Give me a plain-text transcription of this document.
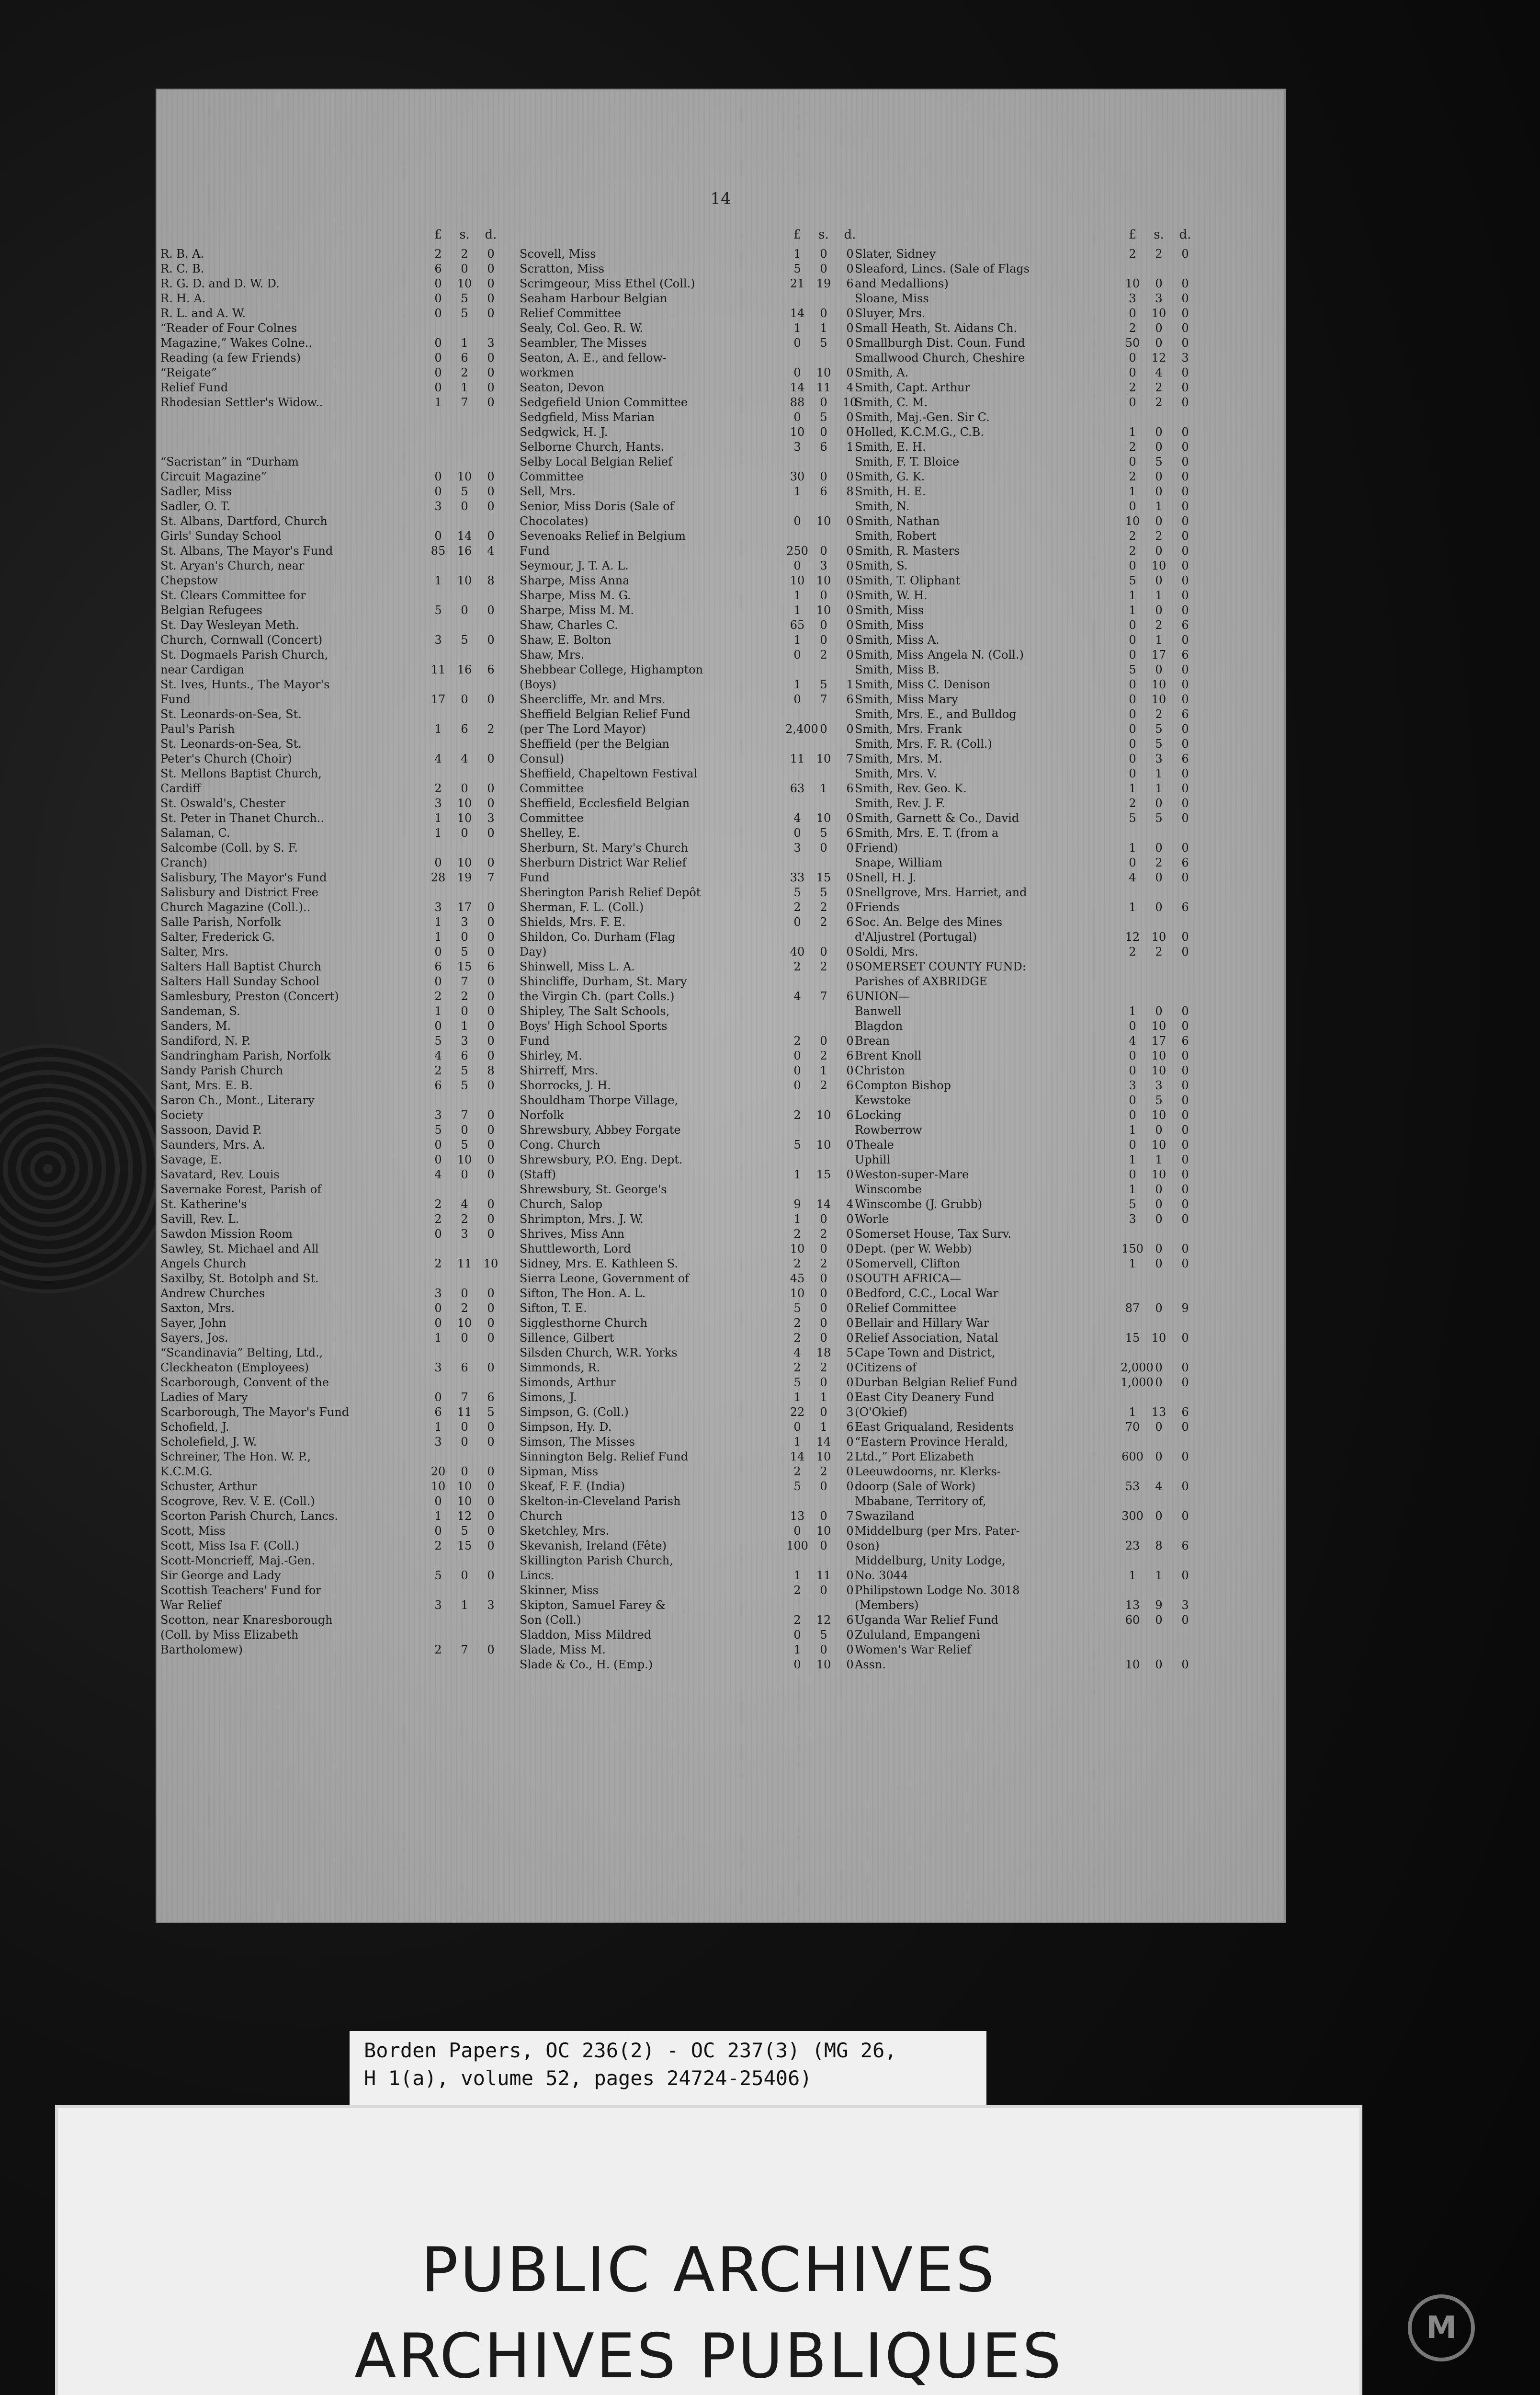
14
£	s.	d.
R. B. A.	2	2	0
R. C. B.	6	0	0
R. G. D. and D. W. D.	0	10	0
R. H. A.	0	5	0
R. L. and A. W.	0	5	0
“Reader of Four Colnes
Magazine,” Wakes Colne..	0	1	3
Reading (a few Friends)	0	6	0
“Reigate”	0	2	0
Relief Fund	0	1	0
Rhodesian Settler's Widow..	1	7	0
“Sacristan” in “Durham
Circuit Magazine”	0	10	0
Sadler, Miss	0	5	0
Sadler, O. T.	3	0	0
St. Albans, Dartford, Church
Girls' Sunday School	0	14	0
St. Albans, The Mayor's Fund	85	16	4
St. Aryan's Church, near
Chepstow	1	10	8
St. Clears Committee for
Belgian Refugees	5	0	0
St. Day Wesleyan Meth.
Church, Cornwall (Concert)	3	5	0
St. Dogmaels Parish Church,
near Cardigan	11	16	6
St. Ives, Hunts., The Mayor's
Fund	17	0	0
St. Leonards-on-Sea, St.
Paul's Parish	1	6	2
St. Leonards-on-Sea, St.
Peter's Church (Choir)	4	4	0
St. Mellons Baptist Church,
Cardiff	2	0	0
St. Oswald's, Chester	3	10	0
St. Peter in Thanet Church..	1	10	3
Salaman, C.	1	0	0
Salcombe (Coll. by S. F.
Cranch)	0	10	0
Salisbury, The Mayor's Fund	28	19	7
Salisbury and District Free
Church Magazine (Coll.)..	3	17	0
Salle Parish, Norfolk	1	3	0
Salter, Frederick G.	1	0	0
Salter, Mrs.	0	5	0
Salters Hall Baptist Church	6	15	6
Salters Hall Sunday School	0	7	0
Samlesbury, Preston (Concert)	2	2	0
Sandeman, S.	1	0	0
Sanders, M.	0	1	0
Sandiford, N. P.	5	3	0
Sandringham Parish, Norfolk	4	6	0
Sandy Parish Church	2	5	8
Sant, Mrs. E. B.	6	5	0
Saron Ch., Mont., Literary
Society	3	7	0
Sassoon, David P.	5	0	0
Saunders, Mrs. A.	0	5	0
Savage, E.	0	10	0
Savatard, Rev. Louis	4	0	0
Savernake Forest, Parish of
St. Katherine's	2	4	0
Savill, Rev. L.	2	2	0
Sawdon Mission Room	0	3	0
Sawley, St. Michael and All
Angels Church	2	11	10
Saxilby, St. Botolph and St.
Andrew Churches	3	0	0
Saxton, Mrs.	0	2	0
Sayer, John	0	10	0
Sayers, Jos.	1	0	0
“Scandinavia” Belting, Ltd.,
Cleckheaton (Employees)	3	6	0
Scarborough, Convent of the
Ladies of Mary	0	7	6
Scarborough, The Mayor's Fund	6	11	5
Schofield, J.	1	0	0
Scholefield, J. W.	3	0	0
Schreiner, The Hon. W. P.,
K.C.M.G.	20	0	0
Schuster, Arthur	10	10	0
Scogrove, Rev. V. E. (Coll.)	0	10	0
Scorton Parish Church, Lancs.	1	12	0
Scott, Miss	0	5	0
Scott, Miss Isa F. (Coll.)	2	15	0
Scott-Moncrieff, Maj.-Gen.
Sir George and Lady	5	0	0
Scottish Teachers' Fund for
War Relief	3	1	3
Scotton, near Knaresborough
(Coll. by Miss Elizabeth
Bartholomew)	2	7	0
£	s.	d.
Scovell, Miss	1	0	0
Scratton, Miss	5	0	0
Scrimgeour, Miss Ethel (Coll.)	21	19	6
Seaham Harbour Belgian
Relief Committee	14	0	0
Sealy, Col. Geo. R. W.	1	1	0
Seambler, The Misses	0	5	0
Seaton, A. E., and fellow-
workmen	0	10	0
Seaton, Devon	14	11	4
Sedgefield Union Committee	88	0	10
Sedgfield, Miss Marian	0	5	0
Sedgwick, H. J.	10	0	0
Selborne Church, Hants.	3	6	1
Selby Local Belgian Relief
Committee	30	0	0
Sell, Mrs.	1	6	8
Senior, Miss Doris (Sale of
Chocolates)	0	10	0
Sevenoaks Relief in Belgium
Fund	250	0	0
Seymour, J. T. A. L.	0	3	0
Sharpe, Miss Anna	10	10	0
Sharpe, Miss M. G.	1	0	0
Sharpe, Miss M. M.	1	10	0
Shaw, Charles C.	65	0	0
Shaw, E. Bolton	1	0	0
Shaw, Mrs.	0	2	0
Shebbear College, Highampton
(Boys)	1	5	1
Sheercliffe, Mr. and Mrs.	0	7	6
Sheffield Belgian Relief Fund
(per The Lord Mayor)	2,400 0	0
Sheffield (per the Belgian
Consul)	11	10	7
Sheffield, Chapeltown Festival
Committee	63	1	6
Sheffield, Ecclesfield Belgian
Committee	4	10	0
Shelley, E.	0	5	6
Sherburn, St. Mary's Church	3	0	0
Sherburn District War Relief
Fund	33	15	0
Sherington Parish Relief Depôt	5	5	0
Sherman, F. L. (Coll.)	2	2	0
Shields, Mrs. F. E.	0	2	6
Shildon, Co. Durham (Flag
Day)	40	0	0
Shinwell, Miss L. A.	2	2	0
Shincliffe, Durham, St. Mary
the Virgin Ch. (part Colls.)	4	7	6
Shipley, The Salt Schools,
Boys' High School Sports
Fund	2	0	0
Shirley, M.	0	2	6
Shirreff, Mrs.	0	1	0
Shorrocks, J. H.	0	2	6
Shouldham Thorpe Village,
Norfolk	2	10	6
Shrewsbury, Abbey Forgate
Cong. Church	5	10	0
Shrewsbury, P.O. Eng. Dept.
(Staff)	1	15	0
Shrewsbury, St. George's
Church, Salop	9	14	4
Shrimpton, Mrs. J. W.	1	0	0
Shrives, Miss Ann	2	2	0
Shuttleworth, Lord	10	0	0
Sidney, Mrs. E. Kathleen S.	2	2	0
Sierra Leone, Government of	45	0	0
Sifton, The Hon. A. L.	10	0	0
Sifton, T. E.	5	0	0
Sigglesthorne Church	2	0	0
Sillence, Gilbert	2	0	0
Silsden Church, W.R. Yorks	4	18	5
Simmonds, R.	2	2	0
Simonds, Arthur	5	0	0
Simons, J.	1	1	0
Simpson, G. (Coll.)	22	0	3
Simpson, Hy. D.	0	1	6
Simson, The Misses	1	14	0
Sinnington Belg. Relief Fund	14	10	2
Sipman, Miss	2	2	0
Skeaf, F. F. (India)	5	0	0
Skelton-in-Cleveland Parish
Church	13	0	7
Sketchley, Mrs.	0	10	0
Skevanish, Ireland (Fête)	100	0	0
Skillington Parish Church,
Lincs.	1	11	0
Skinner, Miss	2	0	0
Skipton, Samuel Farey &
Son (Coll.)	2	12	6
Sladdon, Miss Mildred	0	5	0
Slade, Miss M.	1	0	0
Slade & Co., H. (Emp.)	0	10	0
£	s.	d.
Slater, Sidney	2	2	0
Sleaford, Lincs. (Sale of Flags
and Medallions)	10	0	0
Sloane, Miss	3	3	0
Sluyer, Mrs.	0	10	0
Small Heath, St. Aidans Ch.	2	0	0
Smallburgh Dist. Coun. Fund	50	0	0
Smallwood Church, Cheshire	0	12	3
Smith, A.	0	4	0
Smith, Capt. Arthur	2	2	0
Smith, C. M.	0	2	0
Smith, Maj.-Gen. Sir C.
Holled, K.C.M.G., C.B.	1	0	0
Smith, E. H.	2	0	0
Smith, F. T. Bloice	0	5	0
Smith, G. K.	2	0	0
Smith, H. E.	1	0	0
Smith, N.	0	1	0
Smith, Nathan	10	0	0
Smith, Robert	2	2	0
Smith, R. Masters	2	0	0
Smith, S.	0	10	0
Smith, T. Oliphant	5	0	0
Smith, W. H.	1	1	0
Smith, Miss	1	0	0
Smith, Miss	0	2	6
Smith, Miss A.	0	1	0
Smith, Miss Angela N. (Coll.)	0	17	6
Smith, Miss B.	5	0	0
Smith, Miss C. Denison	0	10	0
Smith, Miss Mary	0	10	0
Smith, Mrs. E., and Bulldog	0	2	6
Smith, Mrs. Frank	0	5	0
Smith, Mrs. F. R. (Coll.)	0	5	0
Smith, Mrs. M.	0	3	6
Smith, Mrs. V.	0	1	0
Smith, Rev. Geo. K.	1	1	0
Smith, Rev. J. F.	2	0	0
Smith, Garnett & Co., David	5	5	0
Smith, Mrs. E. T. (from a
Friend)	1	0	0
Snape, William	0	2	6
Snell, H. J.	4	0	0
Snellgrove, Mrs. Harriet, and
Friends	1	0	6
Soc. An. Belge des Mines
d'Aljustrel (Portugal)	12	10	0
Soldi, Mrs.	2	2	0
SOMERSET COUNTY FUND:
Parishes of AXBRIDGE
UNION—
Banwell	1	0	0
Blagdon	0	10	0
Brean	4	17	6
Brent Knoll	0	10	0
Christon	0	10	0
Compton Bishop	3	3	0
Kewstoke	0	5	0
Locking	0	10	0
Rowberrow	1	0	0
Theale	0	10	0
Uphill	1	1	0
Weston-super-Mare	0	10	0
Winscombe	1	0	0
Winscombe (J. Grubb)	5	0	0
Worle	3	0	0
Somerset House, Tax Surv.
Dept. (per W. Webb)	150	0	0
Somervell, Clifton	1	0	0
SOUTH AFRICA—
Bedford, C.C., Local War
Relief Committee	87	0	9
Bellair and Hillary War
Relief Association, Natal	15	10	0
Cape Town and District,
Citizens of	2,000 0	0
Durban Belgian Relief Fund	1,000 0	0
East City Deanery Fund
(O'Okief)	1	13	6
East Griqualand, Residents	70	0	0
“Eastern Province Herald,
Ltd.,” Port Elizabeth	600	0	0
Leeuwdoorns, nr. Klerks-
doorp (Sale of Work)	53	4	0
Mbabane, Territory of,
Swaziland	300	0	0
Middelburg (per Mrs. Pater-
son)	23	8	6
Middelburg, Unity Lodge,
No. 3044	1	1	0
Philipstown Lodge No. 3018
(Members)	13	9	3
Uganda War Relief Fund	60	0	0
Zululand, Empangeni
Women's War Relief
Assn.	10	0	0
Borden Papers, OC 236(2) - OC 237(3) (MG 26,
H 1(a), volume 52, pages 24724-25406)
PUBLIC ARCHIVES
ARCHIVES PUBLIQUES	M
